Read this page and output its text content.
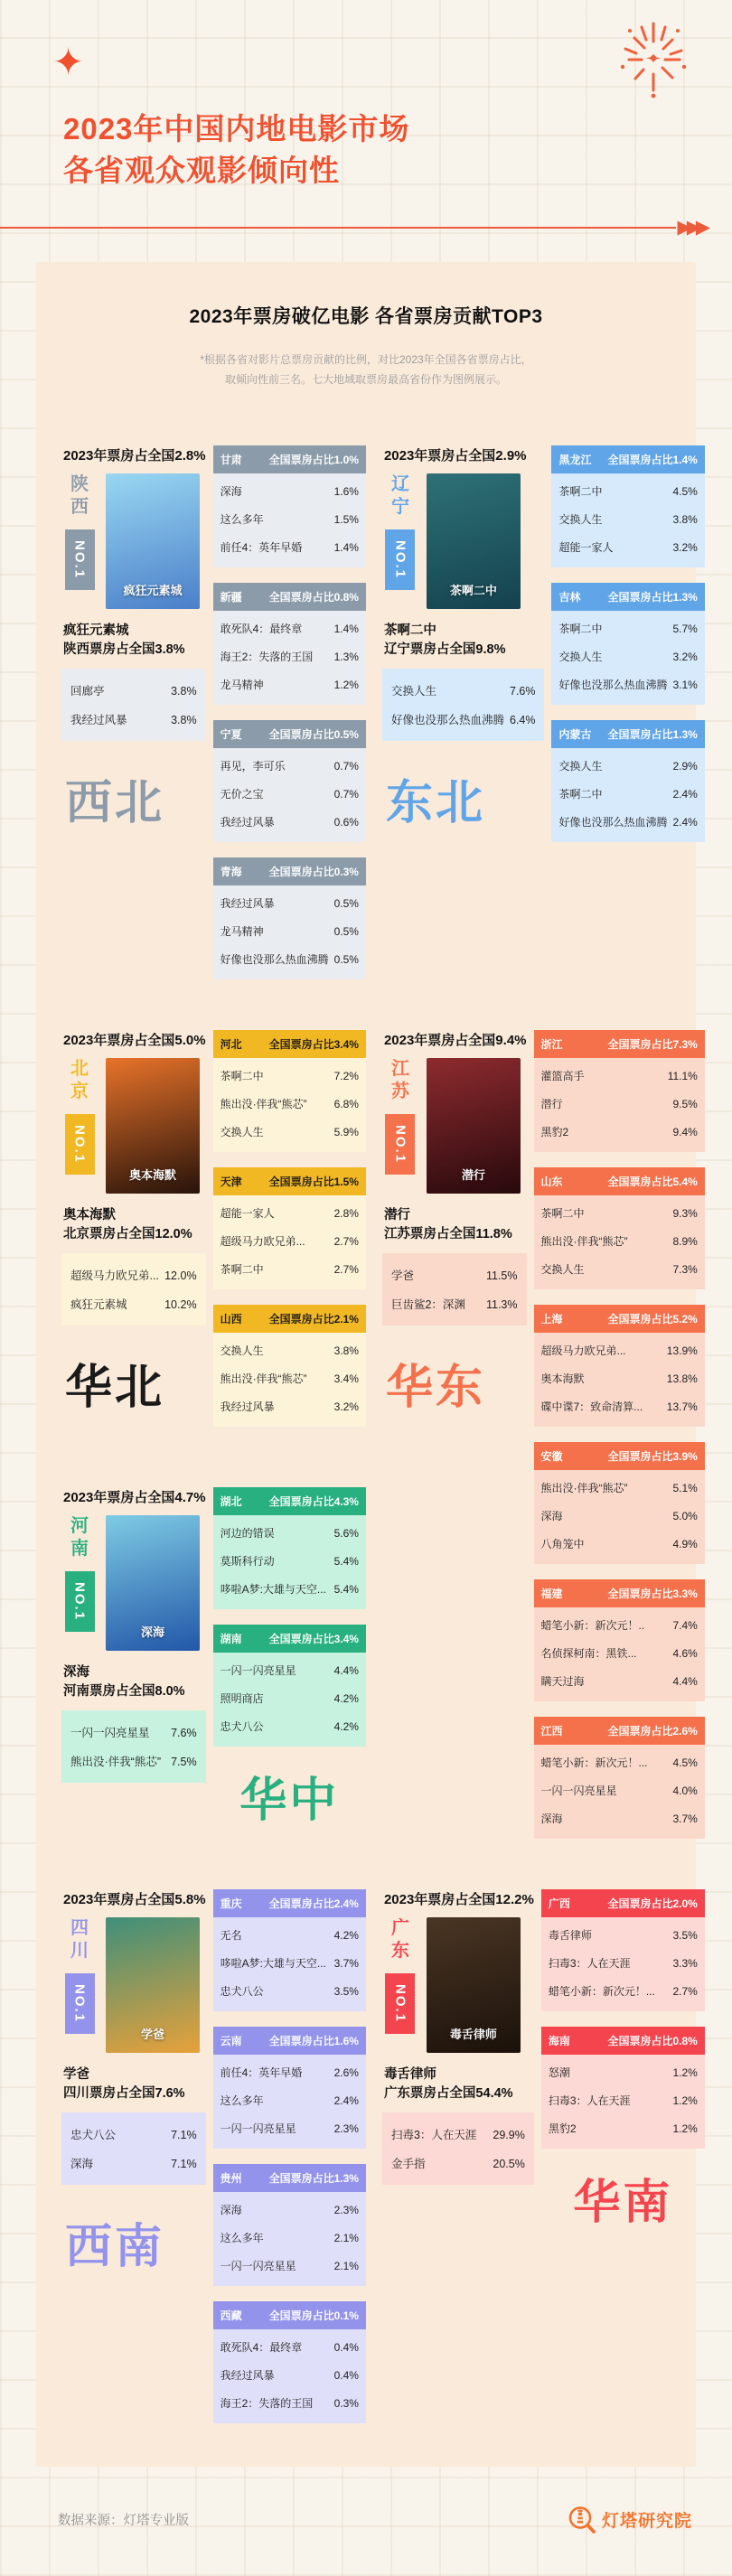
✦
2023年中国内地电影市场
各省观众观影倾向性
▶▶▶
2023年票房破亿电影 各省票房贡献TOP3

*根据各省对影片总票房贡献的比例，对比2023年全国各省票房占比，
取倾向性前三名。七大地域取票房最高省份作为图例展示。

2023年票房占全国2.8%
陕
西
NO.1
疯狂元素城
疯狂元素城
陕西票房占全国3.8%
回廊亭	3.8%
我经过风暴	3.8%
西北
甘肃	全国票房占比1.0%
深海	1.6%
这么多年	1.5%
前任4：英年早婚	1.4%
新疆	全国票房占比0.8%
敢死队4：最终章	1.4%
海王2：失落的王国 1.3%
龙马精神	1.2%
宁夏	全国票房占比0.5%
再见，李可乐	0.7%
无价之宝	0.7%
我经过风暴	0.6%
青海	全国票房占比0.3%
我经过风暴	0.5%
龙马精神	0.5%
好像也没那么热血沸腾 0.5%
2023年票房占全国2.9%
辽
宁
NO.1
茶啊二中
茶啊二中
辽宁票房占全国9.8%
交换人生	7.6%
好像也没那么热血沸腾 6.4%
东北
黑龙江 全国票房占比1.4%
茶啊二中	4.5%
交换人生	3.8%
超能一家人	3.2%
吉林	全国票房占比1.3%
茶啊二中	5.7%
交换人生	3.2%
好像也没那么热血沸腾 3.1%
内蒙古 全国票房占比1.3%
交换人生	2.9%
茶啊二中	2.4%
好像也没那么热血沸腾 2.4%
2023年票房占全国5.0%
北
京
NO.1
奥本海默
奥本海默
北京票房占全国12.0%
超级马力欧兄弟... 12.0%
疯狂元素城	10.2%
华北
河北	全国票房占比3.4%
茶啊二中	7.2%
熊出没·伴我“熊芯”	6.8%
交换人生	5.9%
天津	全国票房占比1.5%
超能一家人	2.8%
超级马力欧兄弟...	2.7%
茶啊二中	2.7%
山西	全国票房占比2.1%
交换人生	3.8%
熊出没·伴我“熊芯”	3.4%
我经过风暴	3.2%
2023年票房占全国9.4%
江
苏
NO.1
潜行
潜行
江苏票房占全国11.8%
学爸	11.5%
巨齿鲨2：深渊 11.3%
华东
浙江	全国票房占比7.3%
灌篮高手	11.1%
潜行	9.5%
黑豹2	9.4%
山东	全国票房占比5.4%
茶啊二中	9.3%
熊出没·伴我“熊芯”	8.9%
交换人生	7.3%
上海	全国票房占比5.2%
超级马力欧兄弟...	13.9%
奥本海默	13.8%
碟中谍7：致命清算... 13.7%
安徽	全国票房占比3.9%
熊出没·伴我“熊芯”	5.1%
深海	5.0%
八角笼中	4.9%
福建	全国票房占比3.3%
蜡笔小新：新次元！..	7.4%
名侦探柯南：黑铁...	4.6%
瞒天过海	4.4%
江西	全国票房占比2.6%
蜡笔小新：新次元！... 4.5%
一闪一闪亮星星	4.0%
深海	3.7%
2023年票房占全国4.7%
河
南
NO.1
深海
深海
河南票房占全国8.0%
一闪一闪亮星星 7.6%
熊出没·伴我“熊芯” 7.5%
湖北	全国票房占比4.3%
河边的错误	5.6%
莫斯科行动	5.4%
哆啦A梦:大雄与天空... 5.4%
湖南	全国票房占比3.4%
一闪一闪亮星星	4.4%
照明商店	4.2%
忠犬八公	4.2%
华中
2023年票房占全国5.8%
四
川
NO.1
学爸
学爸
四川票房占全国7.6%
忠犬八公	7.1%
深海	7.1%
西南
重庆	全国票房占比2.4%
无名	4.2%
哆啦A梦:大雄与天空... 3.7%
忠犬八公	3.5%
云南	全国票房占比1.6%
前任4：英年早婚	2.6%
这么多年	2.4%
一闪一闪亮星星	2.3%
贵州	全国票房占比1.3%
深海	2.3%
这么多年	2.1%
一闪一闪亮星星	2.1%
西藏	全国票房占比0.1%
敢死队4：最终章	0.4%
我经过风暴	0.4%
海王2：失落的王国 0.3%
2023年票房占全国12.2%
广
东
NO.1
毒舌律师
毒舌律师
广东票房占全国54.4%
扫毒3：人在天涯 29.9%
金手指	20.5%
广西	全国票房占比2.0%
毒舌律师	3.5%
扫毒3：人在天涯	3.3%
蜡笔小新：新次元！... 2.7%
海南	全国票房占比0.8%
怒潮	1.2%
扫毒3：人在天涯	1.2%
黑豹2	1.2%
华南
数据来源：灯塔专业版	灯塔研究院
